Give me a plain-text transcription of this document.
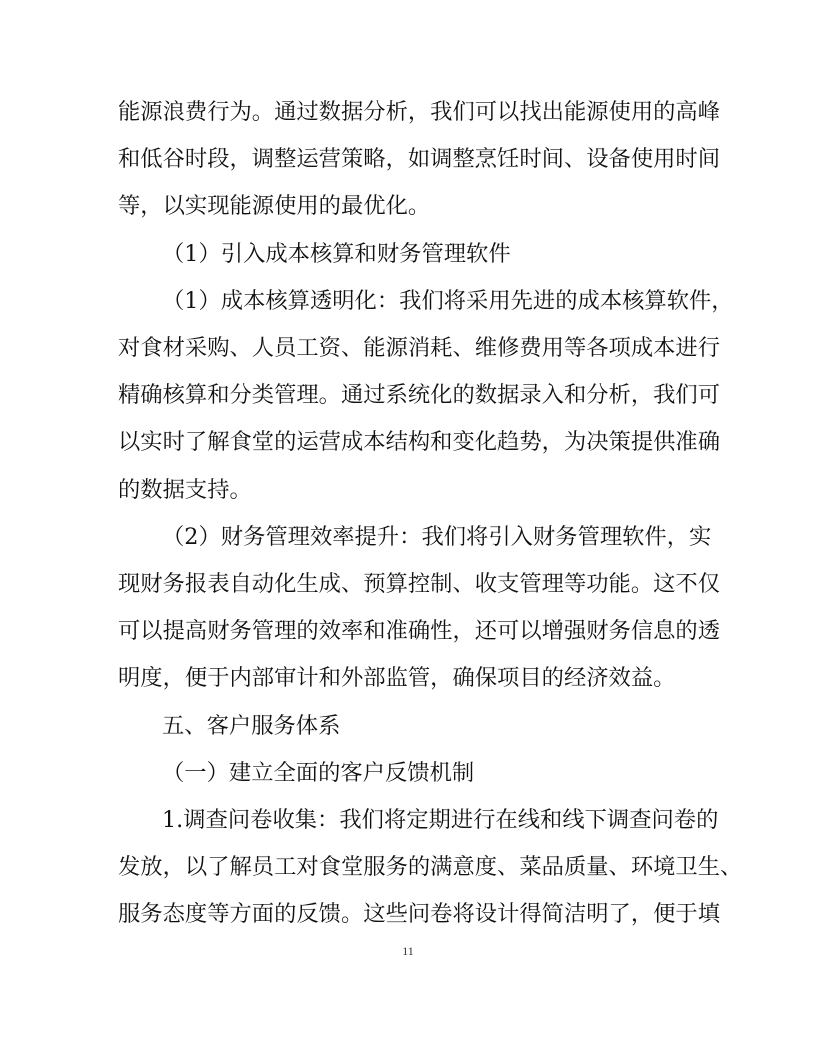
能源浪费行为。通过数据分析，我们可以找出能源使用的高峰
和低谷时段，调整运营策略，如调整烹饪时间、设备使用时间
等，以实现能源使用的最优化。
（1）引入成本核算和财务管理软件
（1）成本核算透明化：我们将采用先进的成本核算软件，
对食材采购、人员工资、能源消耗、维修费用等各项成本进行
精确核算和分类管理。通过系统化的数据录入和分析，我们可
以实时了解食堂的运营成本结构和变化趋势，为决策提供准确
的数据支持。
（2）财务管理效率提升：我们将引入财务管理软件，实
现财务报表自动化生成、预算控制、收支管理等功能。这不仅
可以提高财务管理的效率和准确性，还可以增强财务信息的透
明度，便于内部审计和外部监管，确保项目的经济效益。
五、客户服务体系
（一）建立全面的客户反馈机制
1.调查问卷收集：我们将定期进行在线和线下调查问卷的
发放，以了解员工对食堂服务的满意度、菜品质量、环境卫生、
服务态度等方面的反馈。这些问卷将设计得简洁明了，便于填
11
